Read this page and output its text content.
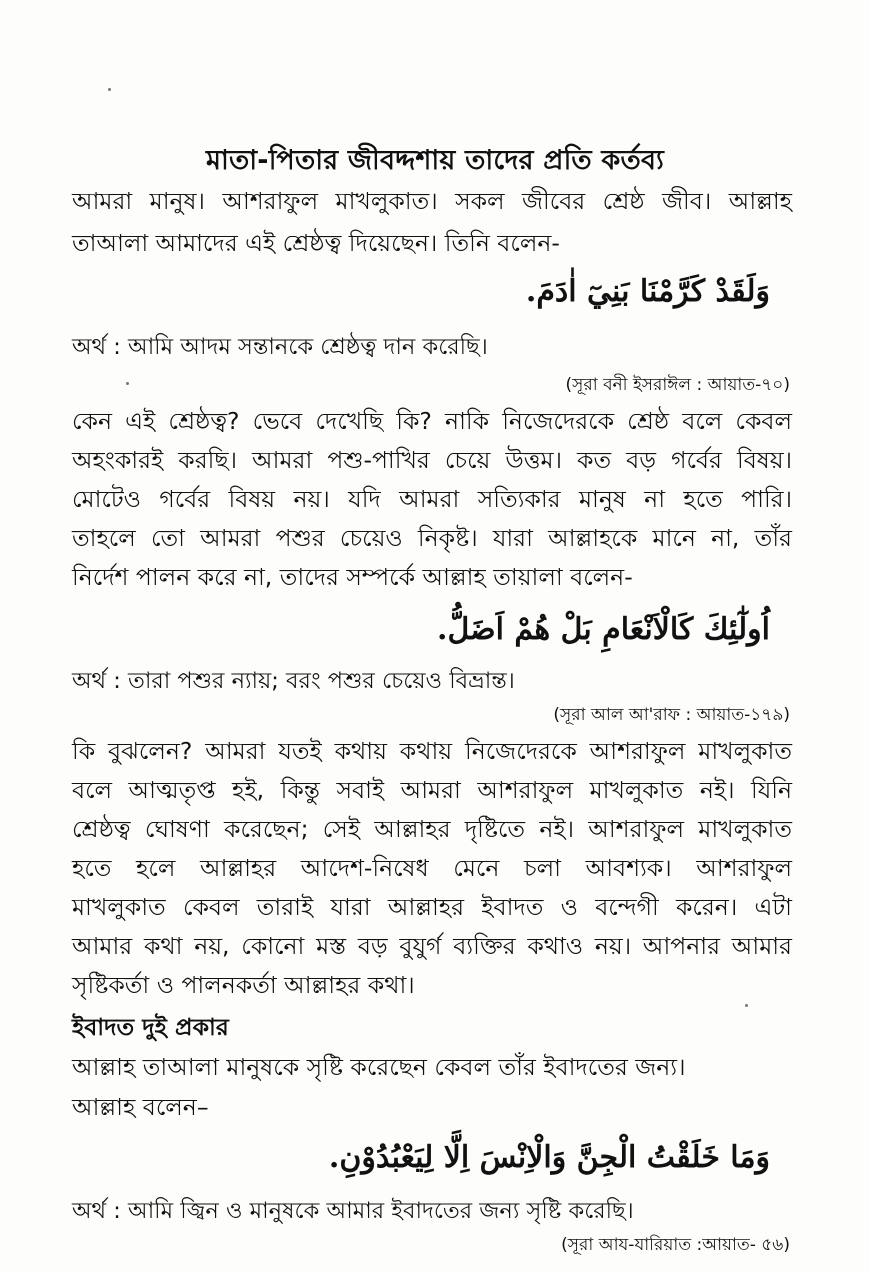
মাতা-পিতার জীবদ্দশায় তাদের প্রতি কর্তব্য
আমরা মানুষ। আশরাফুল মাখলুকাত। সকল জীবের শ্রেষ্ঠ জীব। আল্লাহ
তাআলা আমাদের এই শ্রেষ্ঠত্ব দিয়েছেন। তিনি বলেন-
وَلَقَدْ كَرَّمْنَا بَنِيٓ اٰدَمَ.
অর্থ : আমি আদম সন্তানকে শ্রেষ্ঠত্ব দান করেছি।
(সূরা বনী ইসরাঈল : আয়াত-৭০)
কেন এই শ্রেষ্ঠত্ব? ভেবে দেখেছি কি? নাকি নিজেদেরকে শ্রেষ্ঠ বলে কেবল
অহংকারই করছি। আমরা পশু-পাখির চেয়ে উত্তম। কত বড় গর্বের বিষয়।
মোটেও গর্বের বিষয় নয়। যদি আমরা সত্যিকার মানুষ না হতে পারি।
তাহলে তো আমরা পশুর চেয়েও নিকৃষ্ট। যারা আল্লাহকে মানে না, তাঁর
নির্দেশ পালন করে না, তাদের সম্পর্কে আল্লাহ তায়ালা বলেন-
اُولٰٓئِكَ كَالْاَنْعَامِ بَلْ هُمْ اَضَلُّ.
অর্থ : তারা পশুর ন্যায়; বরং পশুর চেয়েও বিভ্রান্ত।
(সূরা আল আ'রাফ : আয়াত-১৭৯)
কি বুঝলেন? আমরা যতই কথায় কথায় নিজেদেরকে আশরাফুল মাখলুকাত
বলে আত্মতৃপ্ত হই, কিন্তু সবাই আমরা আশরাফুল মাখলুকাত নই। যিনি
শ্রেষ্ঠত্ব ঘোষণা করেছেন; সেই আল্লাহর দৃষ্টিতে নই। আশরাফুল মাখলুকাত
হতে হলে আল্লাহর আদেশ-নিষেধ মেনে চলা আবশ্যক। আশরাফুল
মাখলুকাত কেবল তারাই যারা আল্লাহর ইবাদত ও বন্দেগী করেন। এটা
আমার কথা নয়, কোনো মস্ত বড় বুযুর্গ ব্যক্তির কথাও নয়। আপনার আমার
সৃষ্টিকর্তা ও পালনকর্তা আল্লাহর কথা।
ইবাদত দুই প্রকার
আল্লাহ তাআলা মানুষকে সৃষ্টি করেছেন কেবল তাঁর ইবাদতের জন্য।
আল্লাহ বলেন–
وَمَا خَلَقْتُ الْجِنَّ وَالْاِنْسَ اِلَّا لِيَعْبُدُوْنِ.
অর্থ : আমি জ্বিন ও মানুষকে আমার ইবাদতের জন্য সৃষ্টি করেছি।
(সূরা আয-যারিয়াত :আয়াত- ৫৬)
